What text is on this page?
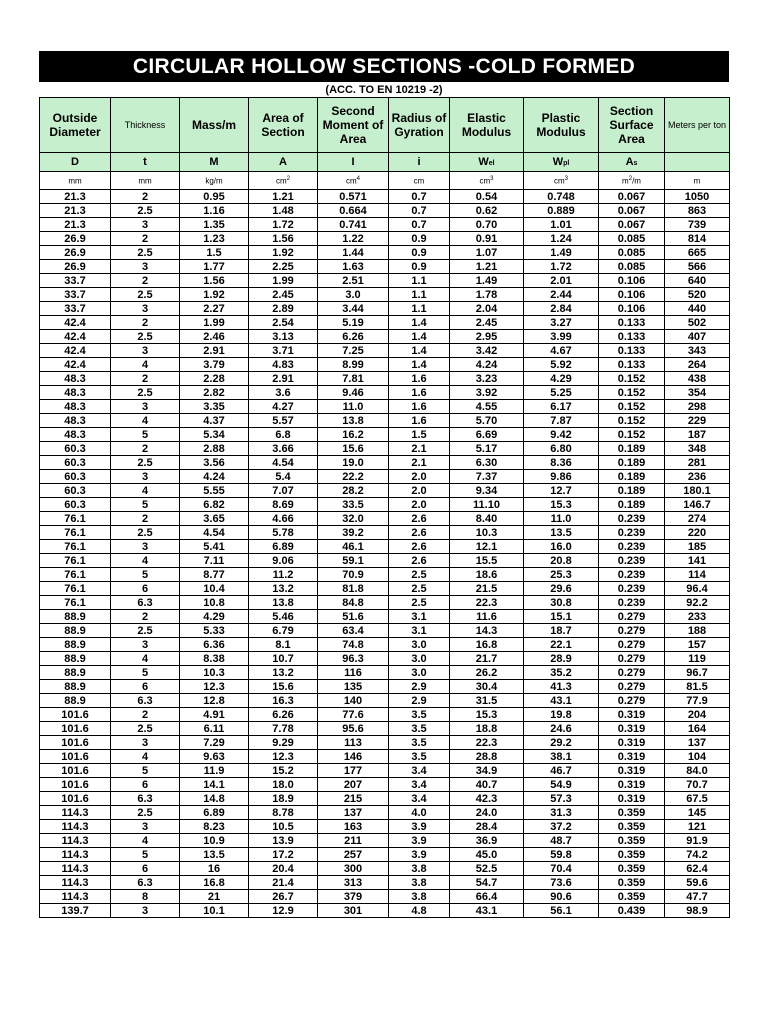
CIRCULAR HOLLOW SECTIONS -COLD FORMED
(ACC. TO EN 10219 -2)
Outside Diameter	Thickness	Mass/m	Area of Section	Second Moment of Area	Radius of Gyration	Elastic Modulus	Plastic Modulus	Section Surface Area	Meters per ton
D	t	M	A	I	i	Wel	Wpl	As	
mm	mm	kg/m	$cm^2$	$cm^4$	cm	$cm^3$	$cm^3$	$m^2/m$	m
21.3	2	0.95	1.21	0.571	0.7	0.54	0.748	0.067	1050
21.3	2.5	1.16	1.48	0.664	0.7	0.62	0.889	0.067	863
21.3	3	1.35	1.72	0.741	0.7	0.70	1.01	0.067	739
26.9	2	1.23	1.56	1.22	0.9	0.91	1.24	0.085	814
26.9	2.5	1.5	1.92	1.44	0.9	1.07	1.49	0.085	665
26.9	3	1.77	2.25	1.63	0.9	1.21	1.72	0.085	566
33.7	2	1.56	1.99	2.51	1.1	1.49	2.01	0.106	640
33.7	2.5	1.92	2.45	3.0	1.1	1.78	2.44	0.106	520
33.7	3	2.27	2.89	3.44	1.1	2.04	2.84	0.106	440
42.4	2	1.99	2.54	5.19	1.4	2.45	3.27	0.133	502
42.4	2.5	2.46	3.13	6.26	1.4	2.95	3.99	0.133	407
42.4	3	2.91	3.71	7.25	1.4	3.42	4.67	0.133	343
42.4	4	3.79	4.83	8.99	1.4	4.24	5.92	0.133	264
48.3	2	2.28	2.91	7.81	1.6	3.23	4.29	0.152	438
48.3	2.5	2.82	3.6	9.46	1.6	3.92	5.25	0.152	354
48.3	3	3.35	4.27	11.0	1.6	4.55	6.17	0.152	298
48.3	4	4.37	5.57	13.8	1.6	5.70	7.87	0.152	229
48.3	5	5.34	6.8	16.2	1.5	6.69	9.42	0.152	187
60.3	2	2.88	3.66	15.6	2.1	5.17	6.80	0.189	348
60.3	2.5	3.56	4.54	19.0	2.1	6.30	8.36	0.189	281
60.3	3	4.24	5.4	22.2	2.0	7.37	9.86	0.189	236
60.3	4	5.55	7.07	28.2	2.0	9.34	12.7	0.189	180.1
60.3	5	6.82	8.69	33.5	2.0	11.10	15.3	0.189	146.7
76.1	2	3.65	4.66	32.0	2.6	8.40	11.0	0.239	274
76.1	2.5	4.54	5.78	39.2	2.6	10.3	13.5	0.239	220
76.1	3	5.41	6.89	46.1	2.6	12.1	16.0	0.239	185
76.1	4	7.11	9.06	59.1	2.6	15.5	20.8	0.239	141
76.1	5	8.77	11.2	70.9	2.5	18.6	25.3	0.239	114
76.1	6	10.4	13.2	81.8	2.5	21.5	29.6	0.239	96.4
76.1	6.3	10.8	13.8	84.8	2.5	22.3	30.8	0.239	92.2
88.9	2	4.29	5.46	51.6	3.1	11.6	15.1	0.279	233
88.9	2.5	5.33	6.79	63.4	3.1	14.3	18.7	0.279	188
88.9	3	6.36	8.1	74.8	3.0	16.8	22.1	0.279	157
88.9	4	8.38	10.7	96.3	3.0	21.7	28.9	0.279	119
88.9	5	10.3	13.2	116	3.0	26.2	35.2	0.279	96.7
88.9	6	12.3	15.6	135	2.9	30.4	41.3	0.279	81.5
88.9	6.3	12.8	16.3	140	2.9	31.5	43.1	0.279	77.9
101.6	2	4.91	6.26	77.6	3.5	15.3	19.8	0.319	204
101.6	2.5	6.11	7.78	95.6	3.5	18.8	24.6	0.319	164
101.6	3	7.29	9.29	113	3.5	22.3	29.2	0.319	137
101.6	4	9.63	12.3	146	3.5	28.8	38.1	0.319	104
101.6	5	11.9	15.2	177	3.4	34.9	46.7	0.319	84.0
101.6	6	14.1	18.0	207	3.4	40.7	54.9	0.319	70.7
101.6	6.3	14.8	18.9	215	3.4	42.3	57.3	0.319	67.5
114.3	2.5	6.89	8.78	137	4.0	24.0	31.3	0.359	145
114.3	3	8.23	10.5	163	3.9	28.4	37.2	0.359	121
114.3	4	10.9	13.9	211	3.9	36.9	48.7	0.359	91.9
114.3	5	13.5	17.2	257	3.9	45.0	59.8	0.359	74.2
114.3	6	16	20.4	300	3.8	52.5	70.4	0.359	62.4
114.3	6.3	16.8	21.4	313	3.8	54.7	73.6	0.359	59.6
114.3	8	21	26.7	379	3.8	66.4	90.6	0.359	47.7
139.7	3	10.1	12.9	301	4.8	43.1	56.1	0.439	98.9
